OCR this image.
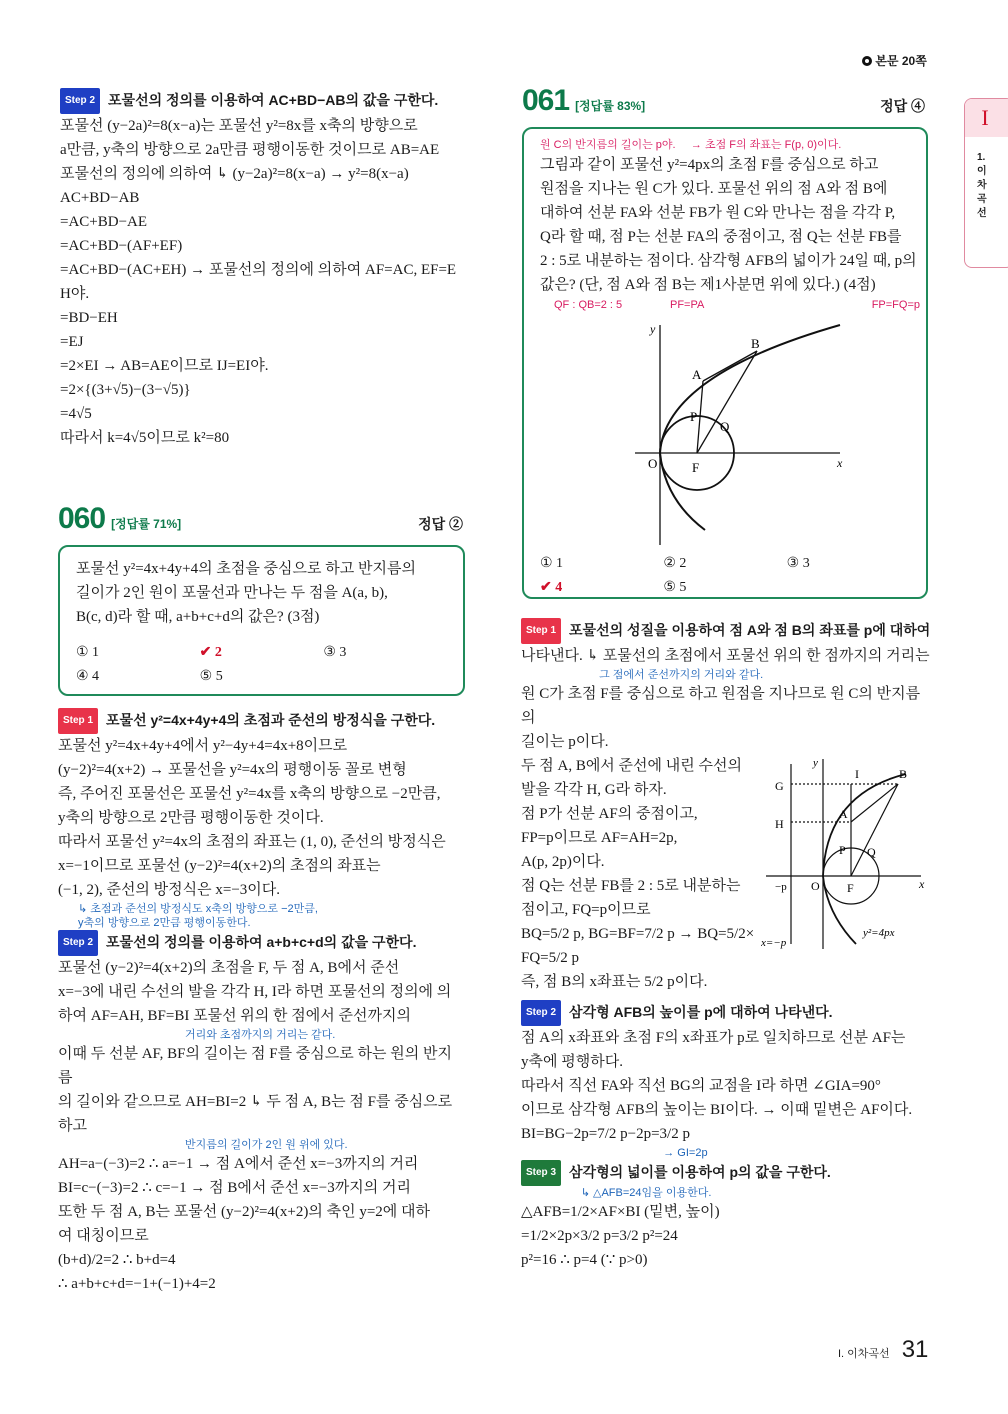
본문 20쪽
I
1. 이차곡선
Step 2 포물선의 정의를 이용하여 AC+BD−AB의 값을 구한다.
포물선 (y−2a)²=8(x−a)는 포물선 y²=8x를 x축의 방향으로
a만큼, y축의 방향으로 2a만큼 평행이동한 것이므로 AB=AE
포물선의 정의에 의하여 ↳ (y−2a)²=8(x−a) → y²=8(x−a)
AC+BD−AB
=AC+BD−AE
=AC+BD−(AF+EF)
=AC+BD−(AC+EH) → 포물선의 정의에 의하여 AF=AC, EF=EH야.
=BD−EH
=EJ
=2×EI → AB=AE이므로 IJ=EI야.
=2×{(3+√5)−(3−√5)}
=4√5
따라서 k=4√5이므로 k²=80
060 [정답률 71%]	정답 ②
포물선 y²=4x+4y+4의 초점을 중심으로 하고 반지름의
길이가 2인 원이 포물선과 만나는 두 점을 A(a, b),
B(c, d)라 할 때, a+b+c+d의 값은? (3점)
① 1	✔ 2	③ 3
④ 4	⑤ 5
Step 1 포물선 y²=4x+4y+4의 초점과 준선의 방정식을 구한다.
포물선 y²=4x+4y+4에서 y²−4y+4=4x+8이므로
(y−2)²=4(x+2) → 포물선을 y²=4x의 평행이동 꼴로 변형
즉, 주어진 포물선은 포물선 y²=4x를 x축의 방향으로 −2만큼,
y축의 방향으로 2만큼 평행이동한 것이다.
따라서 포물선 y²=4x의 초점의 좌표는 (1, 0), 준선의 방정식은
x=−1이므로 포물선 (y−2)²=4(x+2)의 초점의 좌표는
(−1, 2), 준선의 방정식은 x=−3이다.
↳ 초점과 준선의 방정식도 x축의 방향으로 −2만큼,
y축의 방향으로 2만큼 평행이동한다.
Step 2 포물선의 정의를 이용하여 a+b+c+d의 값을 구한다.
포물선 (y−2)²=4(x+2)의 초점을 F, 두 점 A, B에서 준선
x=−3에 내린 수선의 발을 각각 H, I라 하면 포물선의 정의에 의
하여 AF=AH, BF=BI 포물선 위의 한 점에서 준선까지의
거리와 초점까지의 거리는 같다.
이때 두 선분 AF, BF의 길이는 점 F를 중심으로 하는 원의 반지름
의 길이와 같으므로 AH=BI=2 ↳ 두 점 A, B는 점 F를 중심으로 하고
반지름의 길이가 2인 원 위에 있다.
AH=a−(−3)=2 ∴ a=−1 → 점 A에서 준선 x=−3까지의 거리
BI=c−(−3)=2 ∴ c=−1 → 점 B에서 준선 x=−3까지의 거리
또한 두 점 A, B는 포물선 (y−2)²=4(x+2)의 축인 y=2에 대하
여 대칭이므로
(b+d)/2=2 ∴ b+d=4
∴ a+b+c+d=−1+(−1)+4=2
061 [정답률 83%]	정답 ④
원 C의 반지름의 길이는 p야. → 초점 F의 좌표는 F(p, 0)이다.
그림과 같이 포물선 y²=4px의 초점 F를 중심으로 하고
원점을 지나는 원 C가 있다. 포물선 위의 점 A와 점 B에
대하여 선분 FA와 선분 FB가 원 C와 만나는 점을 각각 P,
Q라 할 때, 점 P는 선분 FA의 중점이고, 점 Q는 선분 FB를
2 : 5로 내분하는 점이다. 삼각형 AFB의 넓이가 24일 때, p의
값은? (단, 점 A와 점 B는 제1사분면 위에 있다.) (4점)
QF : QB=2 : 5	PF=PA	FP=FQ=p
y
x
O	F
A
B
P
Q
① 1	② 2	③ 3
✔ 4	⑤ 5
Step 1 포물선의 성질을 이용하여 점 A와 점 B의 좌표를 p에 대하여
G
H
I	B
A
P Q
O F	x
y
−p
x=−p
y²=4px
나타낸다. ↳ 포물선의 초점에서 포물선 위의 한 점까지의 거리는
그 점에서 준선까지의 거리와 같다.
원 C가 초점 F를 중심으로 하고 원점을 지나므로 원 C의 반지름의
길이는 p이다.
두 점 A, B에서 준선에 내린 수선의 발을 각각 H, G라 하자.
점 P가 선분 AF의 중점이고,
FP=p이므로 AF=AH=2p,
A(p, 2p)이다.
점 Q는 선분 FB를 2 : 5로 내분하는
점이고, FQ=p이므로
BQ=5/2 p, BG=BF=7/2 p → BQ=5/2×FQ=5/2 p
즉, 점 B의 x좌표는 5/2 p이다.
Step 2 삼각형 AFB의 높이를 p에 대하여 나타낸다.
점 A의 x좌표와 초점 F의 x좌표가 p로 일치하므로 선분 AF는
y축에 평행하다.
따라서 직선 FA와 직선 BG의 교점을 I라 하면 ∠GIA=90°
이므로 삼각형 AFB의 높이는 BI이다. → 이때 밑변은 AF이다.
BI=BG−2p=7/2 p−2p=3/2 p
→ GI=2p
Step 3 삼각형의 넓이를 이용하여 p의 값을 구한다.
↳ △AFB=24임을 이용한다.
△AFB=1/2×AF×BI (밑변, 높이)
=1/2×2p×3/2 p=3/2 p²=24
p²=16 ∴ p=4 (∵ p>0)
I. 이차곡선 31
